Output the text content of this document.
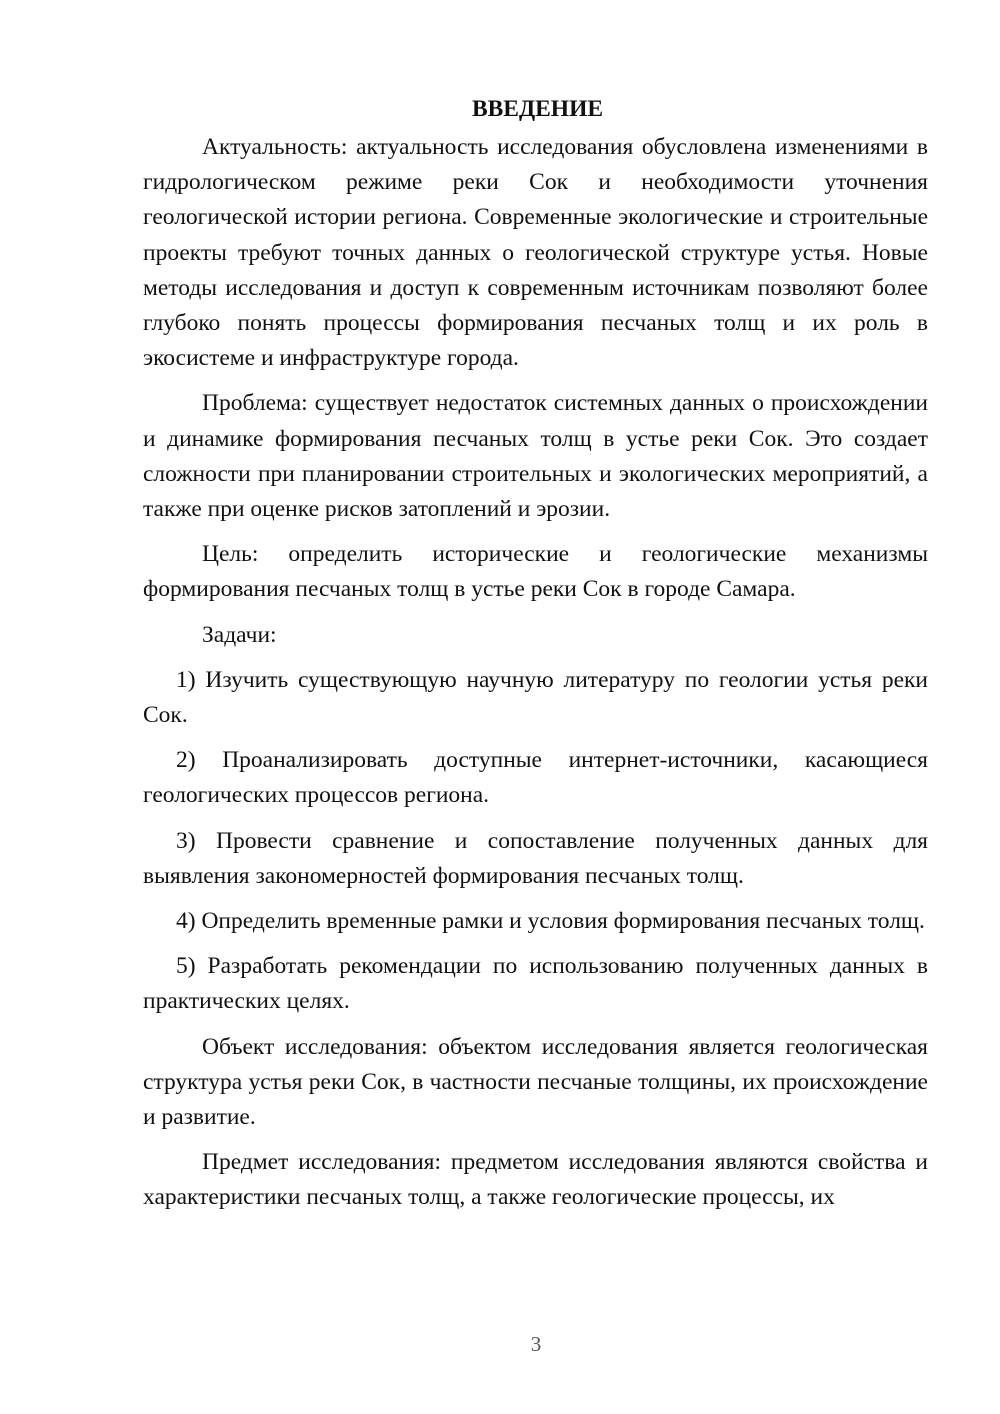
ВВЕДЕНИЕ

Актуальность: актуальность исследования обусловлена изменениями в гидрологическом режиме реки Сок и необходимости уточнения геологической истории региона. Современные экологические и строительные проекты требуют точных данных о геологической структуре устья. Новые методы исследования и доступ к современным источникам позволяют более глубоко понять процессы формирования песчаных толщ и их роль в экосистеме и инфраструктуре города.

Проблема: существует недостаток системных данных о происхождении и динамике формирования песчаных толщ в устье реки Сок. Это создает сложности при планировании строительных и экологических мероприятий, а также при оценке рисков затоплений и эрозии.

Цель: определить исторические и геологические механизмы формирования песчаных толщ в устье реки Сок в городе Самара.

Задачи:

1) Изучить существующую научную литературу по геологии устья реки Сок.

2) Проанализировать доступные интернет-источники, касающиеся геологических процессов региона.

3) Провести сравнение и сопоставление полученных данных для выявления закономерностей формирования песчаных толщ.

4) Определить временные рамки и условия формирования песчаных толщ.

5) Разработать рекомендации по использованию полученных данных в практических целях.

Объект исследования: объектом исследования является геологическая структура устья реки Сок, в частности песчаные толщины, их происхождение и развитие.

Предмет исследования: предметом исследования являются свойства и характеристики песчаных толщ, а также геологические процессы, их

3
